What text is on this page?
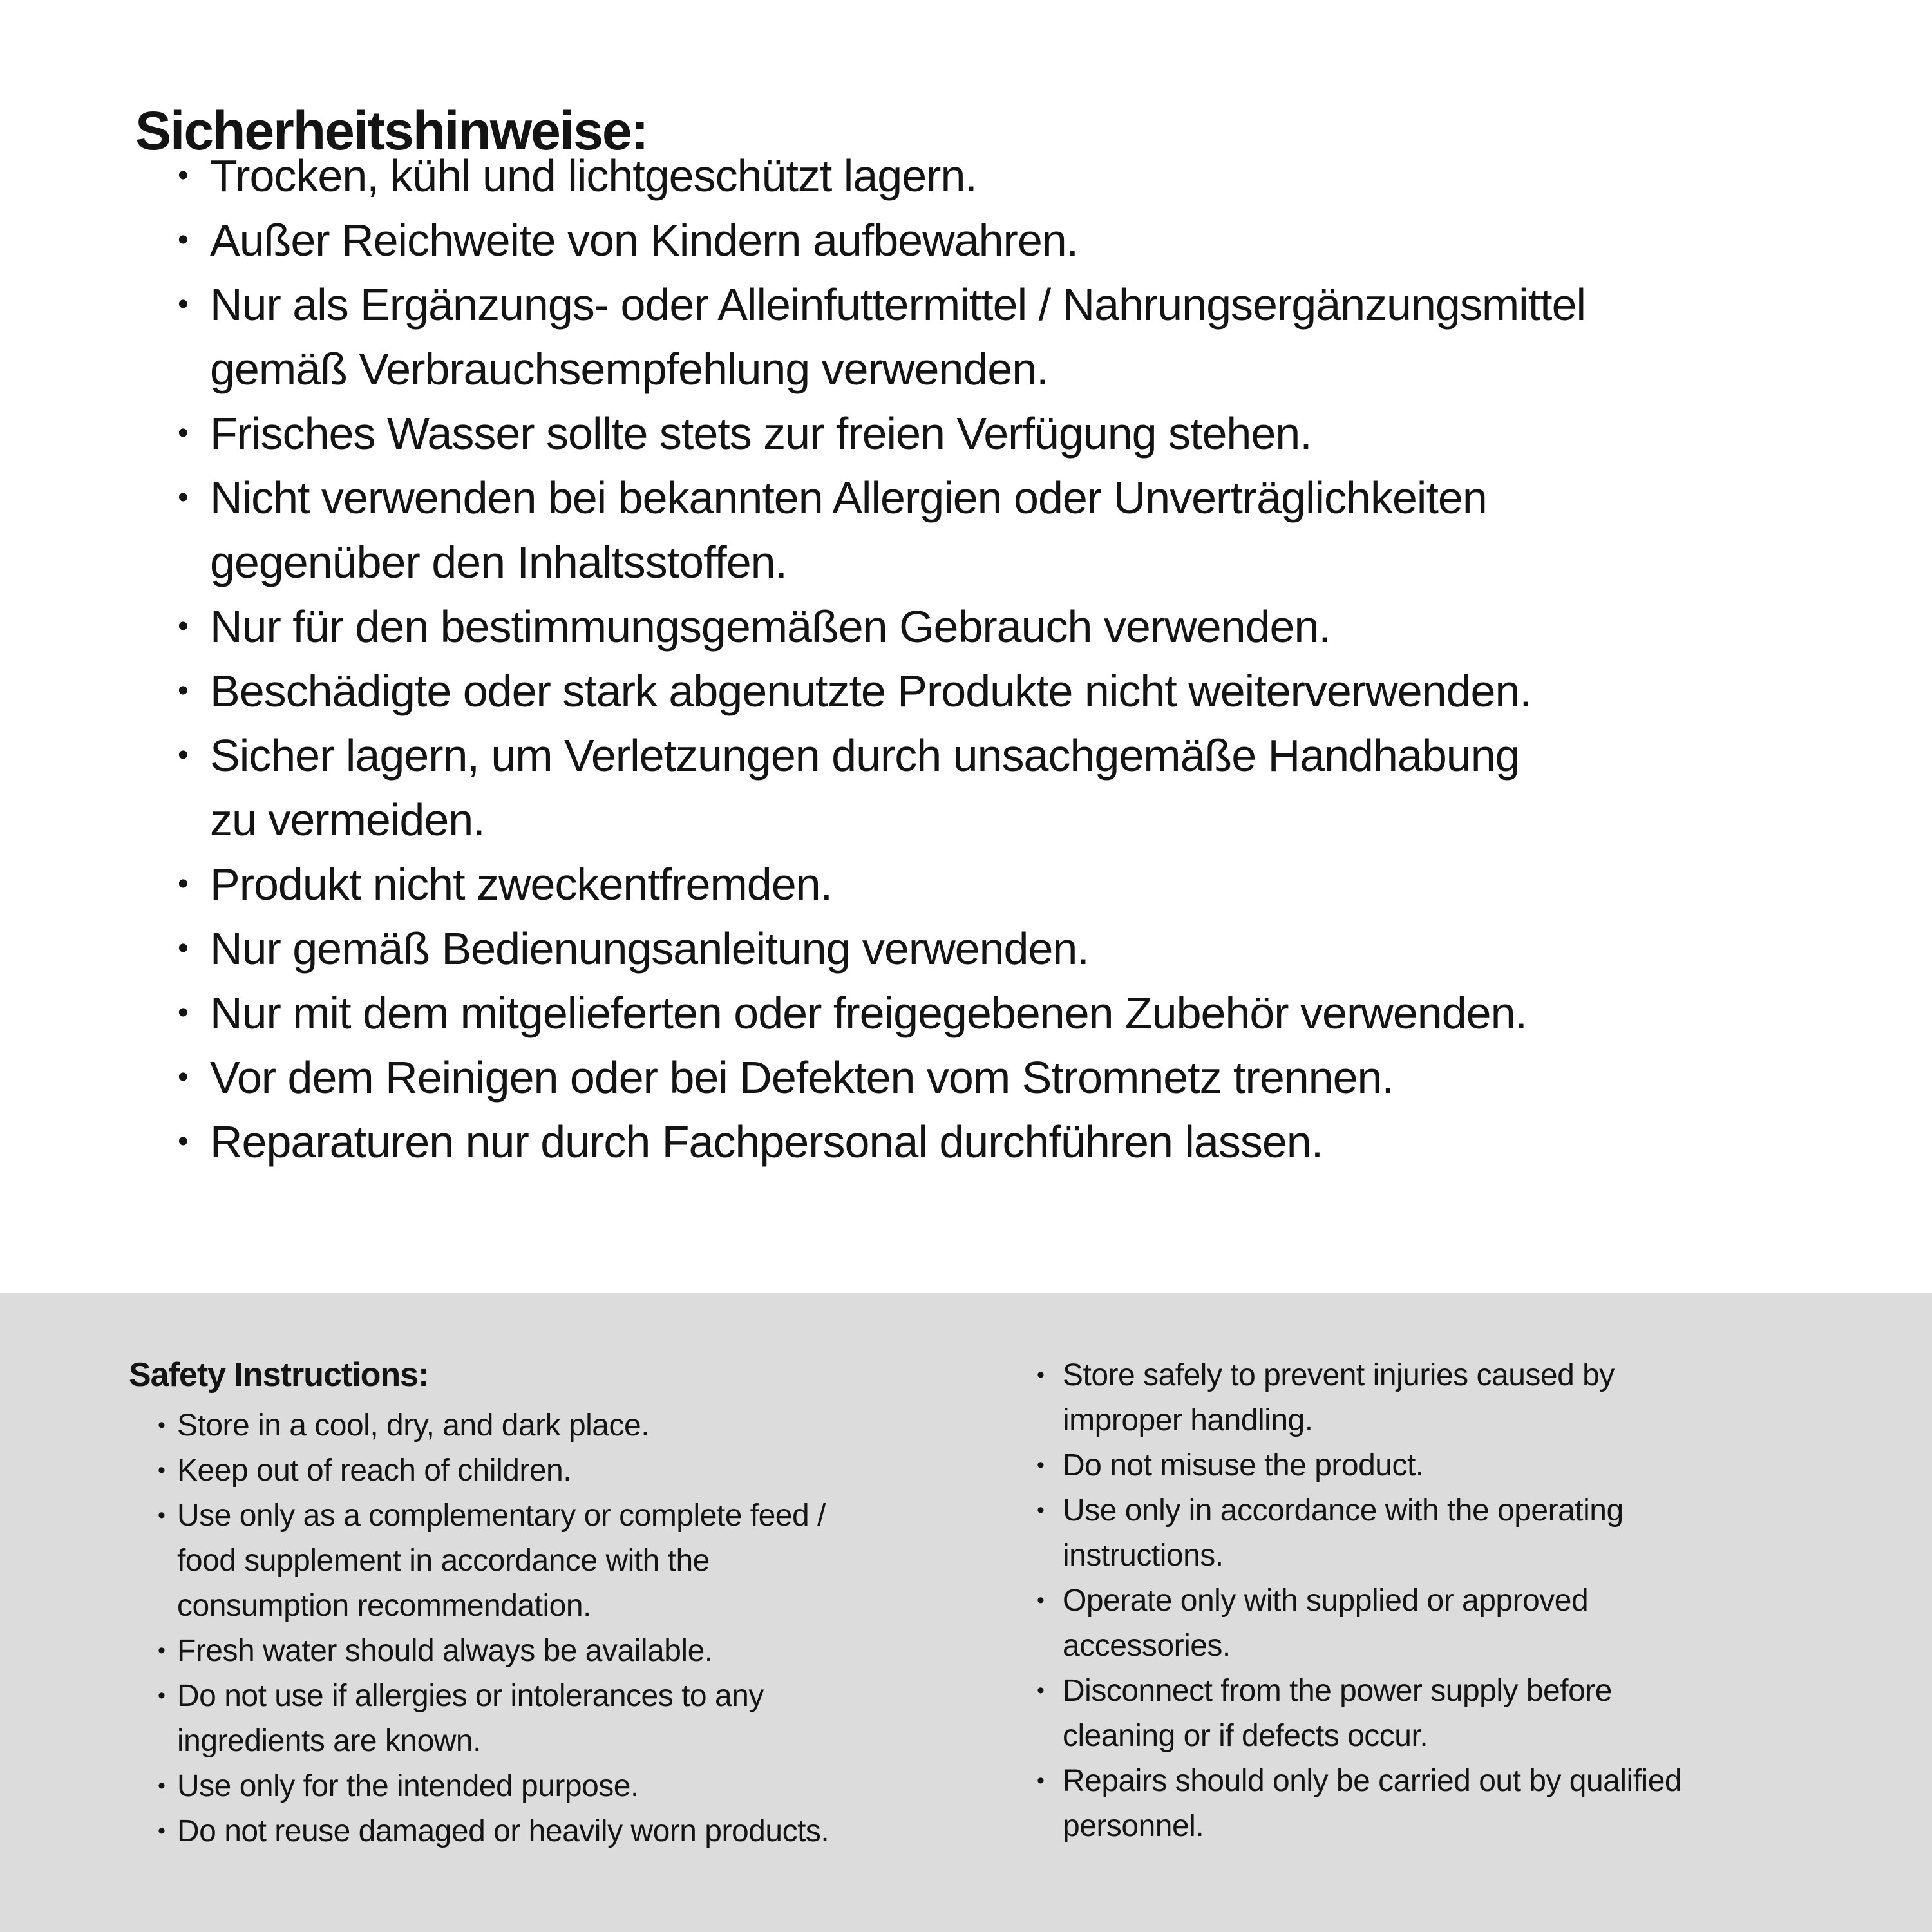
Sicherheitshinweise:
• Trocken, kühl und lichtgeschützt lagern.
• Außer Reichweite von Kindern aufbewahren.
• Nur als Ergänzungs- oder Alleinfuttermittel / Nahrungsergänzungsmittel
gemäß Verbrauchsempfehlung verwenden.
• Frisches Wasser sollte stets zur freien Verfügung stehen.
• Nicht verwenden bei bekannten Allergien oder Unverträglichkeiten
gegenüber den Inhaltsstoffen.
• Nur für den bestimmungsgemäßen Gebrauch verwenden.
• Beschädigte oder stark abgenutzte Produkte nicht weiterverwenden.
• Sicher lagern, um Verletzungen durch unsachgemäße Handhabung
zu vermeiden.
• Produkt nicht zweckentfremden.
• Nur gemäß Bedienungsanleitung verwenden.
• Nur mit dem mitgelieferten oder freigegebenen Zubehör verwenden.
• Vor dem Reinigen oder bei Defekten vom Stromnetz trennen.
• Reparaturen nur durch Fachpersonal durchführen lassen.
Safety Instructions:
• Store in a cool, dry, and dark place.
• Keep out of reach of children.
• Use only as a complementary or complete feed /
food supplement in accordance with the
consumption recommendation.
• Fresh water should always be available.
• Do not use if allergies or intolerances to any
ingredients are known.
• Use only for the intended purpose.
• Do not reuse damaged or heavily worn products.
• Store safely to prevent injuries caused by
improper handling.
• Do not misuse the product.
• Use only in accordance with the operating
instructions.
• Operate only with supplied or approved
accessories.
• Disconnect from the power supply before
cleaning or if defects occur.
• Repairs should only be carried out by qualified
personnel.
